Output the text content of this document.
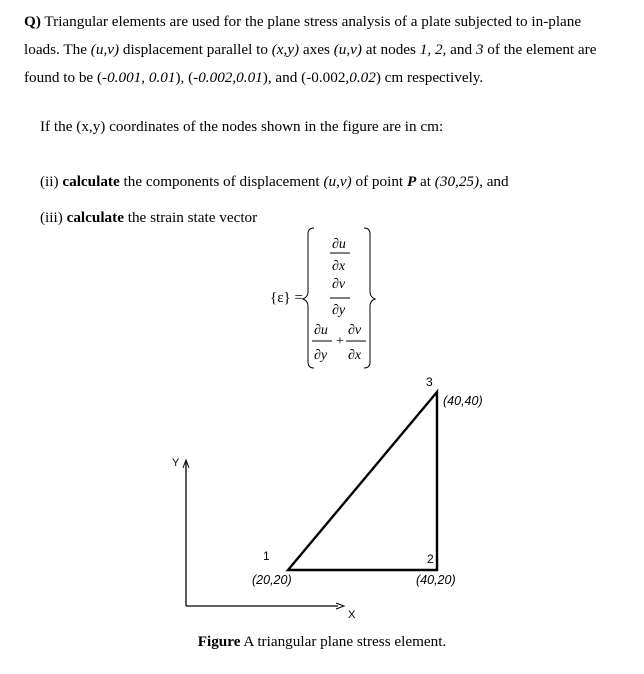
Q) Triangular elements are used for the plane stress analysis of a plate subjected to in-plane
loads. The (u,v) displacement parallel to (x,y) axes (u,v) at nodes 1, 2, and 3 of the element are
found to be (-0.001, 0.01), (-0.002,0.01), and (-0.002,0.02) cm respectively.
If the (x,y) coordinates of the nodes shown in the figure are in cm:
(ii) calculate the components of displacement (u,v) of point P at (30,25), and
(iii) calculate the strain state vector
{ε} =
∂u
∂x
∂v
∂y
∂u
∂y
+
∂v
∂x
Y
X
1
(20,20)
2
(40,20)
3
(40,40)
Figure A triangular plane stress element.
